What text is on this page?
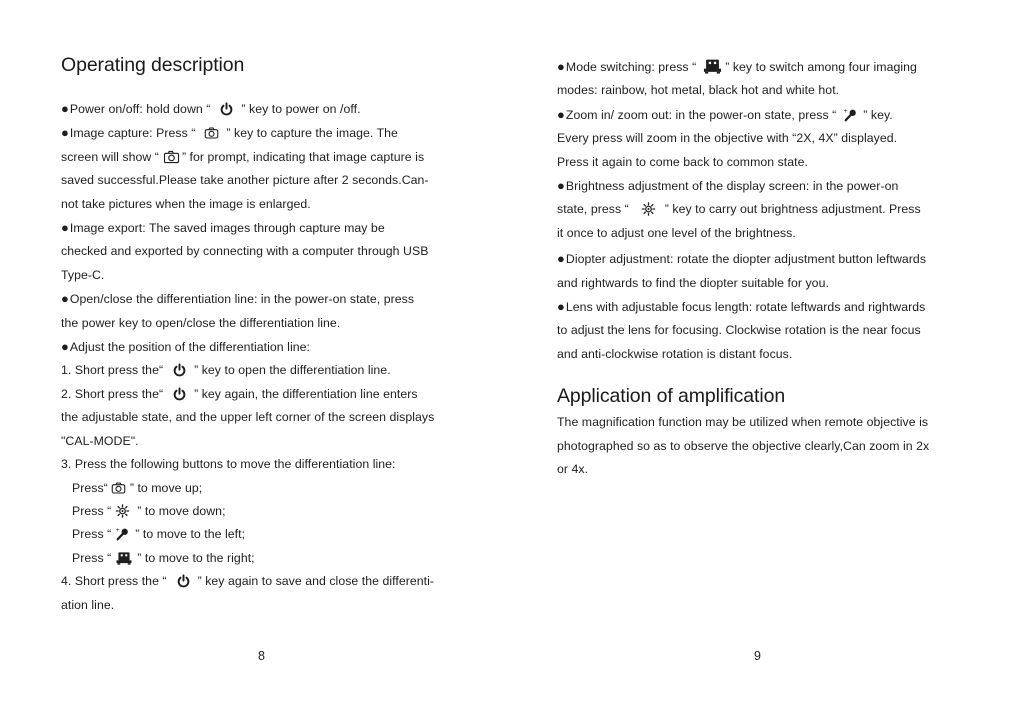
Operating description
●Power on/off: hold down “	” key to power on /off.
●Image capture: Press “	” key to capture the image. The
screen will show “ ” for prompt, indicating that image capture is
saved successful.Please take another picture after 2 seconds.Can-
not take pictures when the image is enlarged.
●Image export: The saved images through capture may be
checked and exported by connecting with a computer through USB
Type-C.
●Open/close the differentiation line: in the power-on state, press
the power key to open/close the differentiation line.
●Adjust the position of the differentiation line:
1. Short press the“	” key to open the differentiation line.
2. Short press the“	” key again, the differentiation line enters
the adjustable state, and the upper left corner of the screen displays
"CAL-MODE".
3. Press the following buttons to move the differentiation line:
Press“ ” to move up;
Press “ ” to move down;
Press “ + ” to move to the left;
Press “ ” to move to the right;
4. Short press the “	” key again to save and close the differenti-
ation line.
8
●Mode switching: press “ ” key to switch among four imaging
modes: rainbow, hot metal, black hot and white hot.
●Zoom in/ zoom out: in the power-on state, press “ + ” key.
Every press will zoom in the objective with “2X, 4X” displayed.
Press it again to come back to common state.
●Brightness adjustment of the display screen: in the power-on
state, press “	” key to carry out brightness adjustment. Press
it once to adjust one level of the brightness.
●Diopter adjustment: rotate the diopter adjustment button leftwards
and rightwards to find the diopter suitable for you.
●Lens with adjustable focus length: rotate leftwards and rightwards
to adjust the lens for focusing. Clockwise rotation is the near focus
and anti-clockwise rotation is distant focus.
Application of amplification
The magnification function may be utilized when remote objective is
photographed so as to observe the objective clearly,Can zoom in 2x
or 4x.
9
